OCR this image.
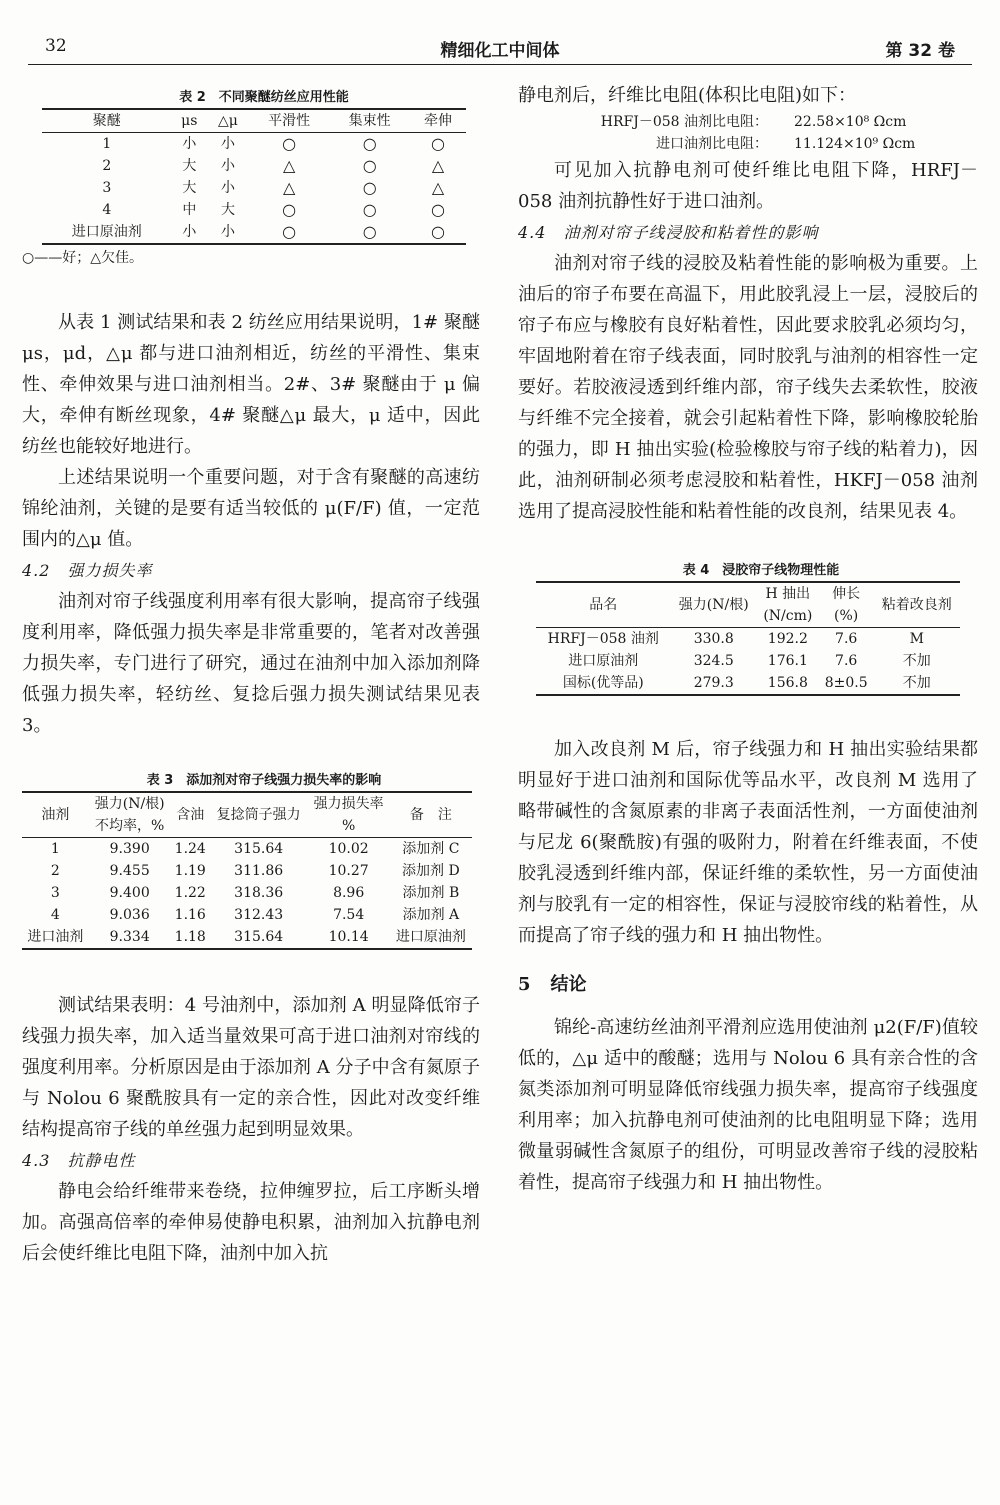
32	精细化工中间体	第 32 卷

表 2　不同聚醚纺丝应用性能

聚醚	μs	△μ	平滑性	集束性	牵伸
1	小	小	○	○	○
2	大	小	△	○	△
3	大	小	△	○	△
4	中	大	○	○	○
进口原油剂	小	小	○	○	○
○——好；△欠佳。

从表 1 测试结果和表 2 纺丝应用结果说明，1# 聚醚 μs，μd，△μ 都与进口油剂相近，纺丝的平滑性、集束性、牵伸效果与进口油剂相当。2#、3# 聚醚由于 μ 偏大，牵伸有断丝现象，4# 聚醚△μ 最大，μ 适中，因此纺丝也能较好地进行。

上述结果说明一个重要问题，对于含有聚醚的高速纺锦纶油剂，关键的是要有适当较低的 μ(F/F) 值，一定范围内的△μ 值。

4.2　强力损失率

油剂对帘子线强度利用率有很大影响，提高帘子线强度利用率，降低强力损失率是非常重要的，笔者对改善强力损失率，专门进行了研究，通过在油剂中加入添加剂降低强力损失率，轻纺丝、复捻后强力损失测试结果见表 3。

表 3　添加剂对帘子线强力损失率的影响

油剂	强力(N/根)	含油	复捻筒子强力	强力损失率	备　注
	不均率，%			%	
1	9.390	1.24	315.64	10.02	添加剂 C
2	9.455	1.19	311.86	10.27	添加剂 D
3	9.400	1.22	318.36	8.96	添加剂 B
4	9.036	1.16	312.43	7.54	添加剂 A
进口油剂	9.334	1.18	315.64	10.14	进口原油剂

测试结果表明：4 号油剂中，添加剂 A 明显降低帘子线强力损失率，加入适当量效果可高于进口油剂对帘线的强度利用率。分析原因是由于添加剂 A 分子中含有氮原子与 Nolou 6 聚酰胺具有一定的亲合性，因此对改变纤维结构提高帘子线的单丝强力起到明显效果。

4.3　抗静电性

静电会给纤维带来卷绕，拉伸缠罗拉，后工序断头增加。高强高倍率的牵伸易使静电积累，油剂加入抗静电剂后会使纤维比电阻下降，油剂中加入抗

静电剂后，纤维比电阻(体积比电阻)如下：

HRFJ－058 油剂比电阻：	22.58×10⁸ Ωcm
进口油剂比电阻：	11.124×10⁹ Ωcm

可见加入抗静电剂可使纤维比电阻下降，HRFJ－058 油剂抗静性好于进口油剂。

4.4　油剂对帘子线浸胶和粘着性的影响

油剂对帘子线的浸胶及粘着性能的影响极为重要。上油后的帘子布要在高温下，用此胶乳浸上一层，浸胶后的帘子布应与橡胶有良好粘着性，因此要求胶乳必须均匀，牢固地附着在帘子线表面，同时胶乳与油剂的相容性一定要好。若胶液浸透到纤维内部，帘子线失去柔软性，胶液与纤维不完全接着，就会引起粘着性下降，影响橡胶轮胎的强力，即 H 抽出实验(检验橡胶与帘子线的粘着力)，因此，油剂研制必须考虑浸胶和粘着性，HKFJ－058 油剂选用了提高浸胶性能和粘着性能的改良剂，结果见表 4。

表 4　浸胶帘子线物理性能

品名	强力(N/根)	H 抽出	伸长	粘着改良剂
		(N/cm)	(%)	
HRFJ－058 油剂	330.8	192.2	7.6	M
进口原油剂	324.5	176.1	7.6	不加
国标(优等品)	279.3	156.8	8±0.5	不加

加入改良剂 M 后，帘子线强力和 H 抽出实验结果都明显好于进口油剂和国际优等品水平，改良剂 M 选用了略带碱性的含氮原素的非离子表面活性剂，一方面使油剂与尼龙 6(聚酰胺)有强的吸附力，附着在纤维表面，不使胶乳浸透到纤维内部，保证纤维的柔软性，另一方面使油剂与胶乳有一定的相容性，保证与浸胶帘线的粘着性，从而提高了帘子线的强力和 H 抽出物性。

5 结论

锦纶-高速纺丝油剂平滑剂应选用使油剂 μ2(F/F)值较低的，△μ 适中的酸醚；选用与 Nolou 6 具有亲合性的含氮类添加剂可明显降低帘线强力损失率，提高帘子线强度利用率；加入抗静电剂可使油剂的比电阻明显下降；选用微量弱碱性含氮原子的组份，可明显改善帘子线的浸胶粘着性，提高帘子线强力和 H 抽出物性。
